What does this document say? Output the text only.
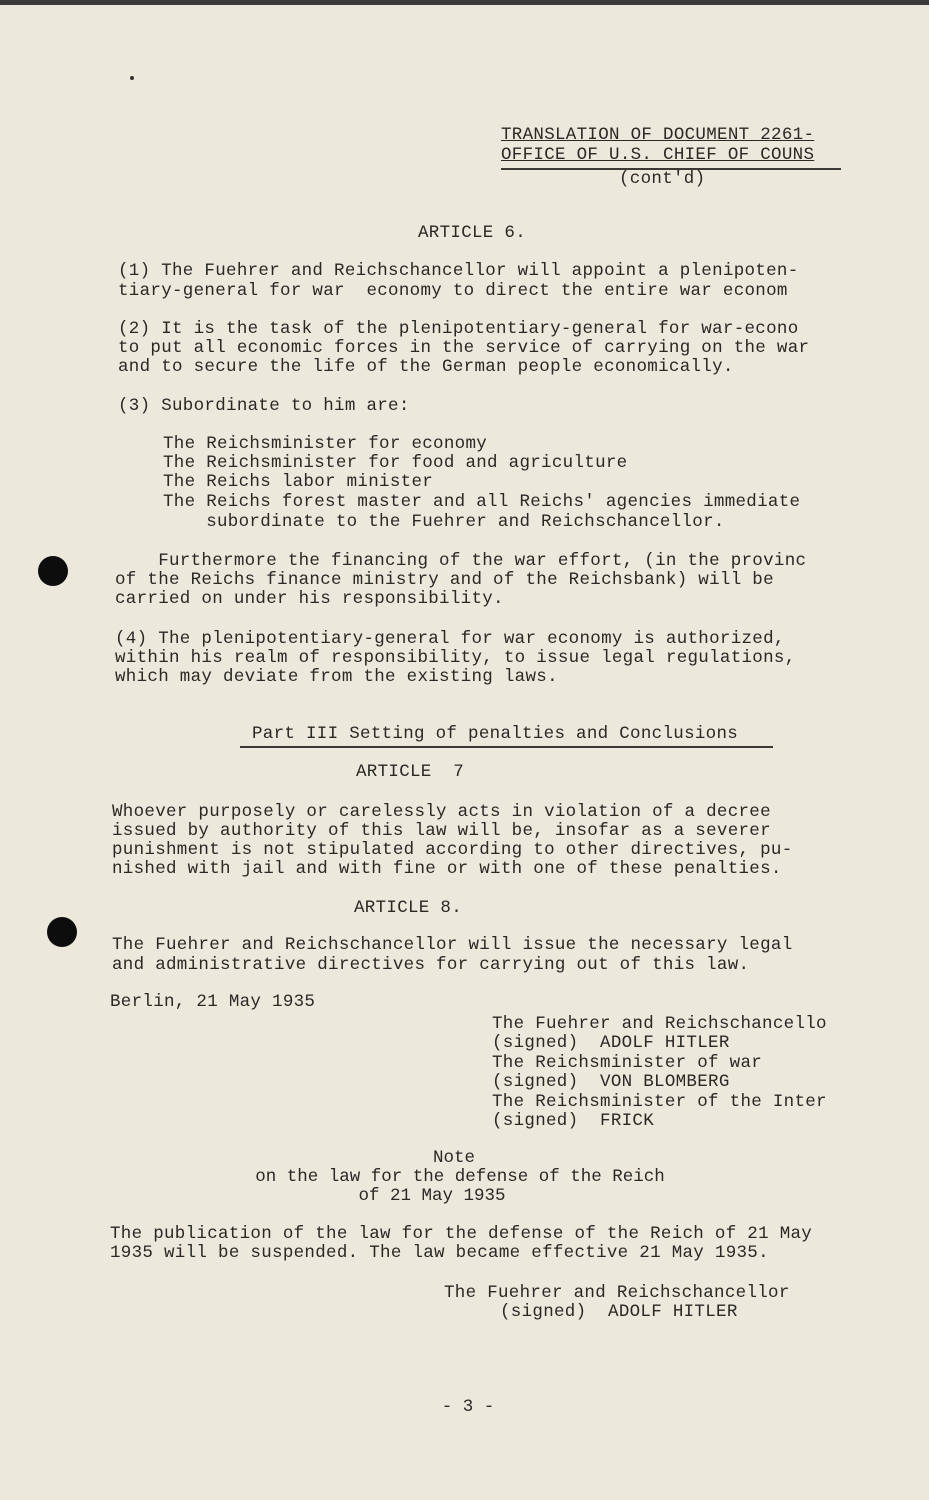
TRANSLATION OF DOCUMENT 2261-
OFFICE OF U.S. CHIEF OF COUNS
(cont'd)
ARTICLE 6.
(1) The Fuehrer and Reichschancellor will appoint a plenipoten-
tiary-general for war  economy to direct the entire war econom
(2) It is the task of the plenipotentiary-general for war-econo
to put all economic forces in the service of carrying on the war
and to secure the life of the German people economically.
(3) Subordinate to him are:
The Reichsminister for economy
The Reichsminister for food and agriculture
The Reichs labor minister
The Reichs forest master and all Reichs' agencies immediate
subordinate to the Fuehrer and Reichschancellor.
Furthermore the financing of the war effort, (in the provinc
of the Reichs finance ministry and of the Reichsbank) will be
carried on under his responsibility.
(4) The plenipotentiary-general for war economy is authorized,
within his realm of responsibility, to issue legal regulations,
which may deviate from the existing laws.
Part III Setting of penalties and Conclusions
ARTICLE  7
Whoever purposely or carelessly acts in violation of a decree
issued by authority of this law will be, insofar as a severer
punishment is not stipulated according to other directives, pu-
nished with jail and with fine or with one of these penalties.
ARTICLE 8.
The Fuehrer and Reichschancellor will issue the necessary legal
and administrative directives for carrying out of this law.
Berlin, 21 May 1935
The Fuehrer and Reichschancello
(signed)  ADOLF HITLER
The Reichsminister of war
(signed)  VON BLOMBERG
The Reichsminister of the Inter
(signed)  FRICK
Note
on the law for the defense of the Reich
of 21 May 1935
The publication of the law for the defense of the Reich of 21 May
1935 will be suspended. The law became effective 21 May 1935.
The Fuehrer and Reichschancellor
(signed)  ADOLF HITLER
- 3 -
